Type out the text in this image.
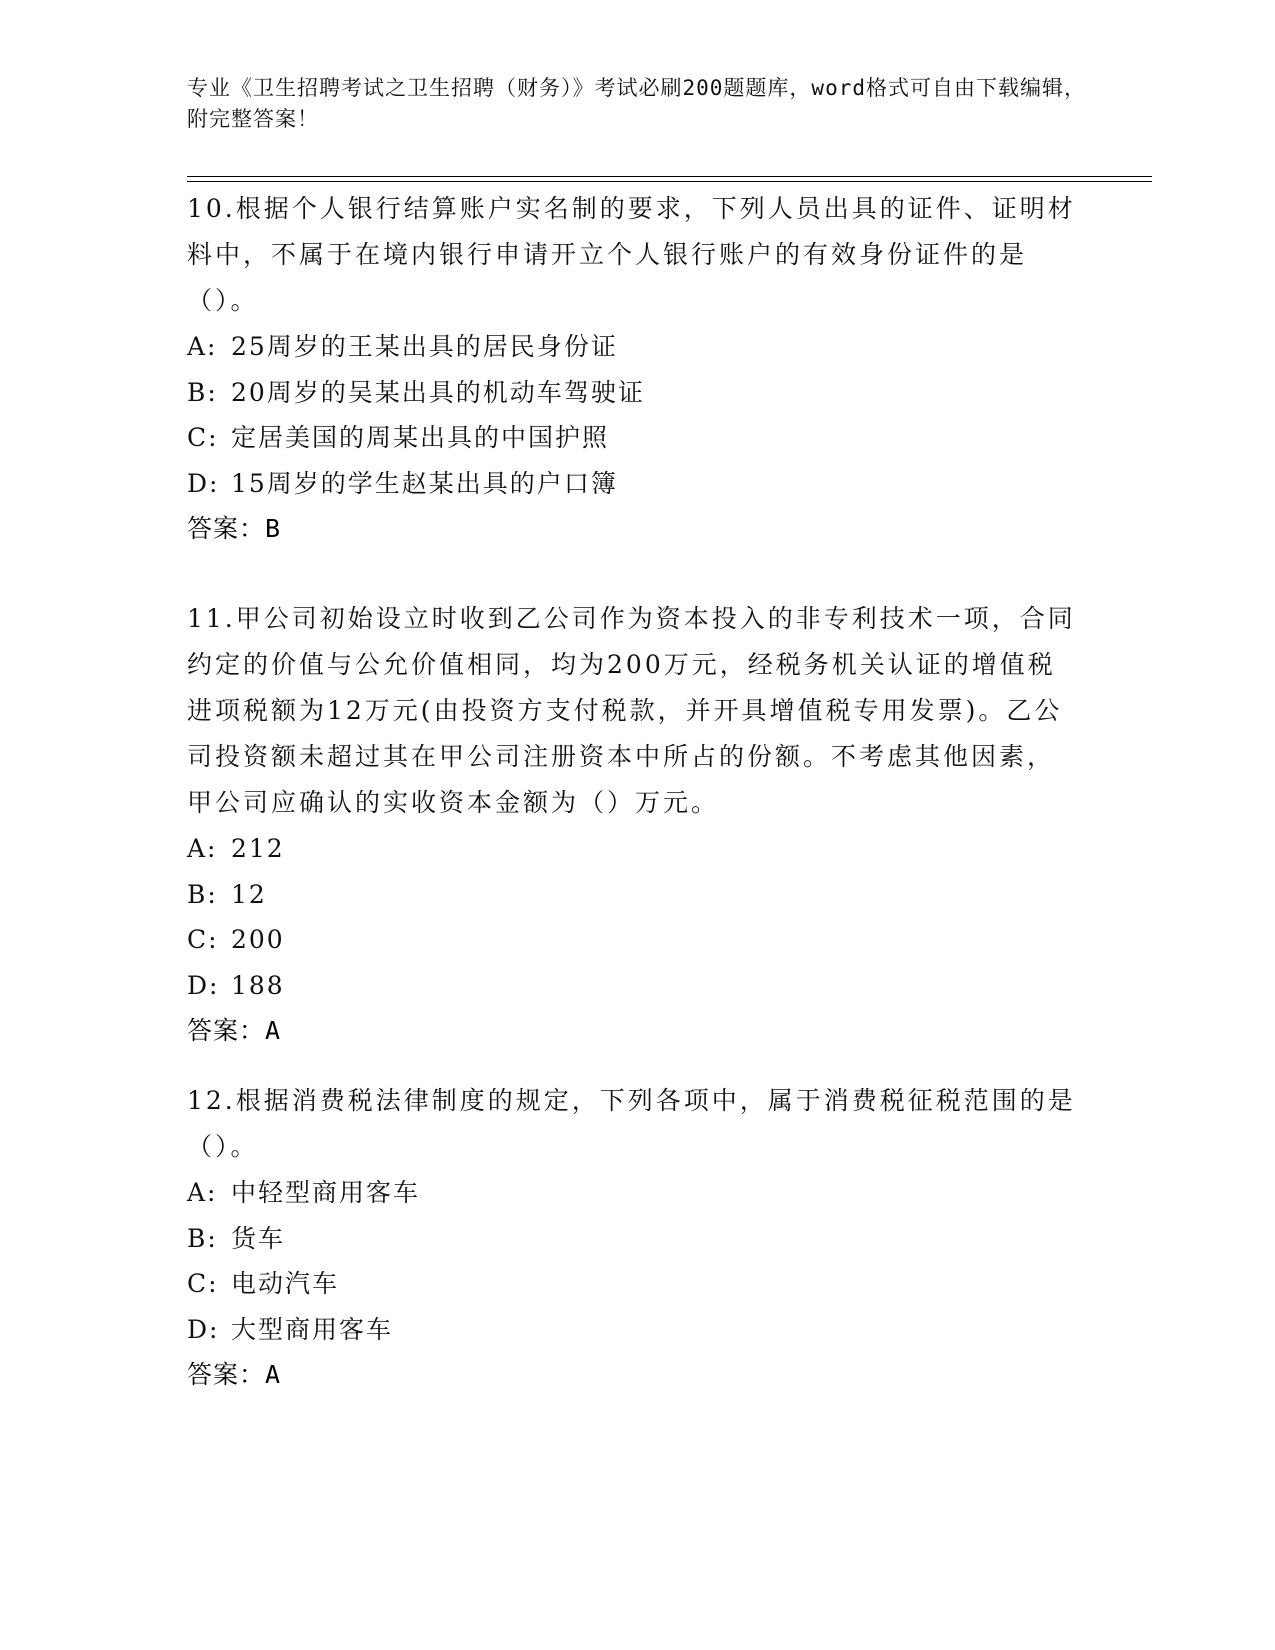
专业《卫生招聘考试之卫生招聘（财务）》考试必刷200题题库，word格式可自由下载编辑，附完整答案！

10.根据个人银行结算账户实名制的要求，下列人员出具的证件、证明材料中，不属于在境内银行申请开立个人银行账户的有效身份证件的是（）。

A: 25周岁的王某出具的居民身份证

B: 20周岁的吴某出具的机动车驾驶证

C: 定居美国的周某出具的中国护照

D: 15周岁的学生赵某出具的户口簿

答案： B

11.甲公司初始设立时收到乙公司作为资本投入的非专利技术一项，合同约定的价值与公允价值相同，均为200万元，经税务机关认证的增值税进项税额为12万元(由投资方支付税款，并开具增值税专用发票)。乙公司投资额未超过其在甲公司注册资本中所占的份额。不考虑其他因素，甲公司应确认的实收资本金额为（）万元。

A: 212

B: 12

C: 200

D: 188

答案： A

12.根据消费税法律制度的规定，下列各项中，属于消费税征税范围的是（）。

A: 中轻型商用客车

B: 货车

C: 电动汽车

D: 大型商用客车

答案： A
